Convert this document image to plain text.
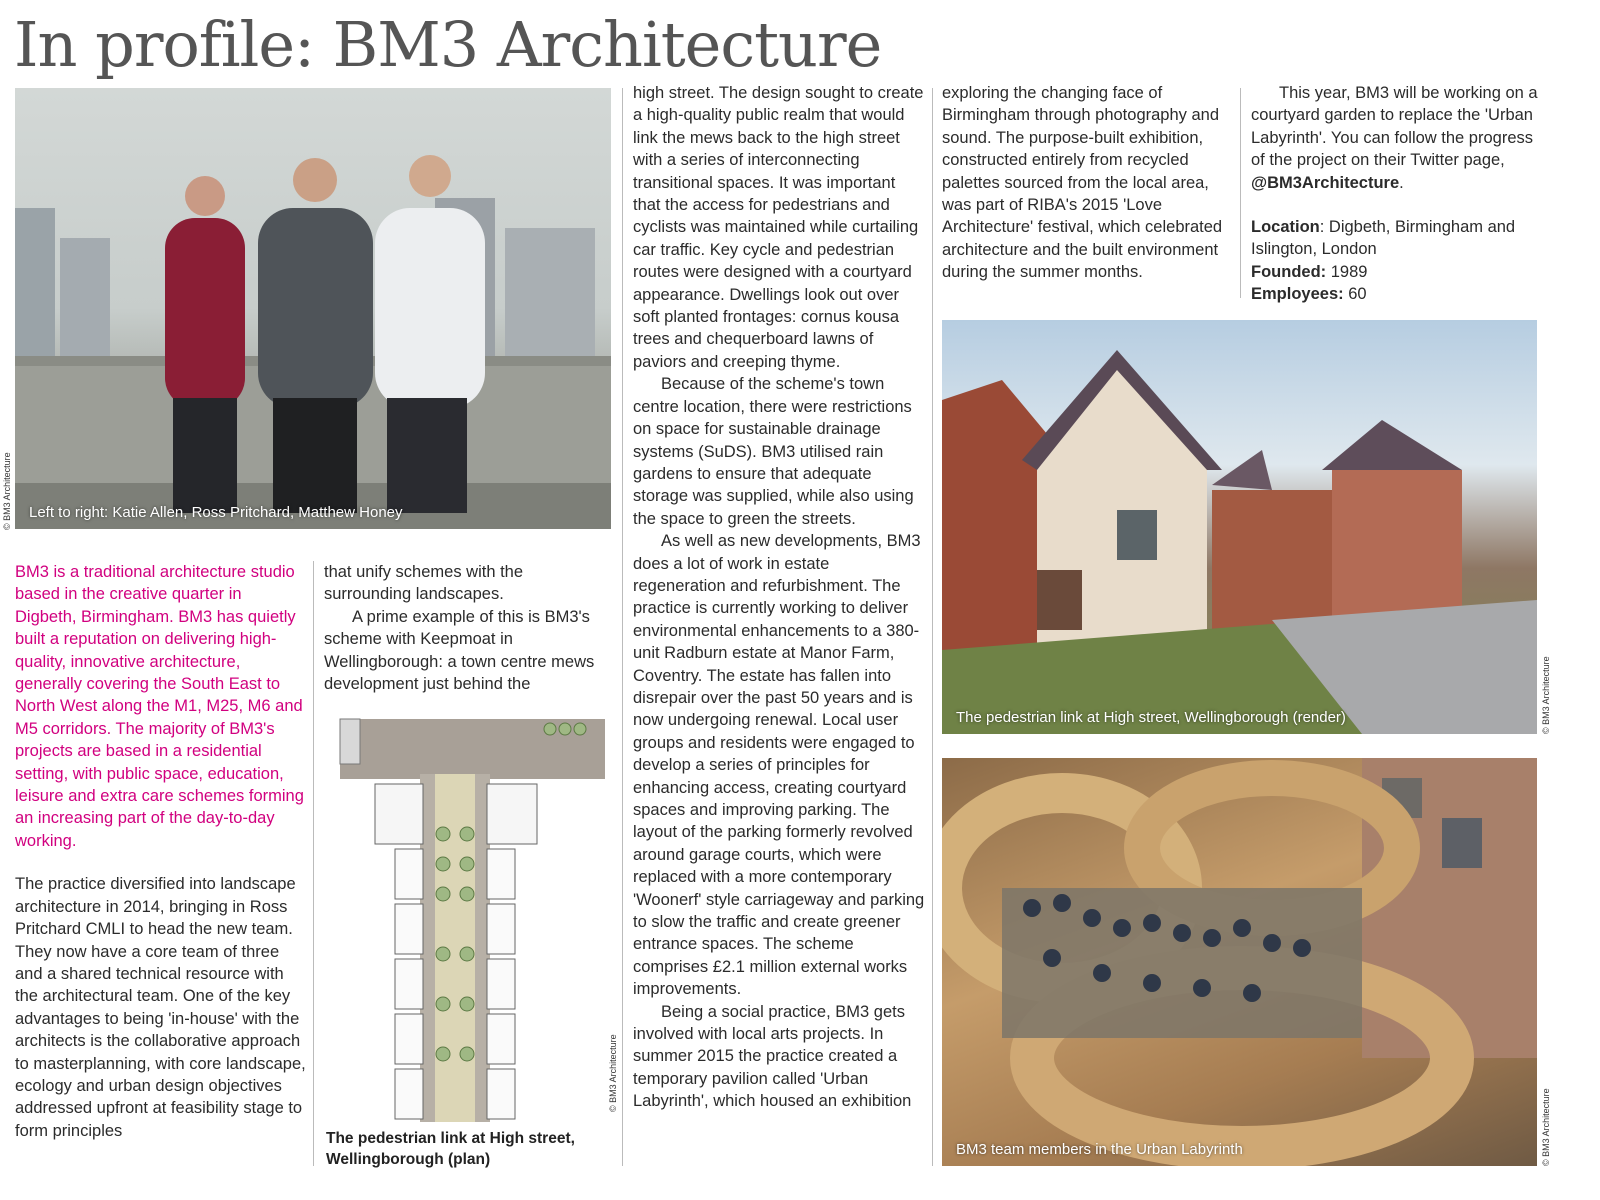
In profile: BM3 Architecture
Left to right: Katie Allen, Ross Pritchard, Matthew Honey
© BM3 Architecture

BM3 is a traditional architecture studio based in the creative quarter in Digbeth, Birmingham. BM3 has quietly built a reputation on delivering high-quality, innovative architecture, generally covering the South East to North West along the M1, M25, M6 and M5 corridors. The majority of BM3's projects are based in a residential setting, with public space, education, leisure and extra care schemes forming an increasing part of the day-to-day working.

The practice diversified into landscape architecture in 2014, bringing in Ross Pritchard CMLI to head the new team. They now have a core team of three and a shared technical resource with the architectural team. One of the key advantages to being 'in-house' with the architects is the collaborative approach to masterplanning, with core landscape, ecology and urban design objectives addressed upfront at feasibility stage to form principles

that unify schemes with the surrounding landscapes.

A prime example of this is BM3's scheme with Keepmoat in Wellingborough: a town centre mews development just behind the

© BM3 Architecture
The pedestrian link at High street, Wellingborough (plan)

high street. The design sought to create a high-quality public realm that would link the mews back to the high street with a series of interconnecting transitional spaces. It was important that the access for pedestrians and cyclists was maintained while curtailing car traffic. Key cycle and pedestrian routes were designed with a courtyard appearance. Dwellings look out over soft planted frontages: cornus kousa trees and chequerboard lawns of paviors and creeping thyme.

Because of the scheme's town centre location, there were restrictions on space for sustainable drainage systems (SuDS). BM3 utilised rain gardens to ensure that adequate storage was supplied, while also using the space to green the streets.

As well as new developments, BM3 does a lot of work in estate regeneration and refurbishment. The practice is currently working to deliver environmental enhancements to a 380-unit Radburn estate at Manor Farm, Coventry. The estate has fallen into disrepair over the past 50 years and is now undergoing renewal. Local user groups and residents were engaged to develop a series of principles for enhancing access, creating courtyard spaces and improving parking. The layout of the parking formerly revolved around garage courts, which were replaced with a more contemporary 'Woonerf' style carriageway and parking to slow the traffic and create greener entrance spaces. The scheme comprises £2.1 million external works improvements.

Being a social practice, BM3 gets involved with local arts projects. In summer 2015 the practice created a temporary pavilion called 'Urban Labyrinth', which housed an exhibition

exploring the changing face of Birmingham through photography and sound. The purpose-built exhibition, constructed entirely from recycled palettes sourced from the local area, was part of RIBA's 2015 'Love Architecture' festival, which celebrated architecture and the built environment during the summer months.

This year, BM3 will be working on a courtyard garden to replace the 'Urban Labyrinth'. You can follow the progress of the project on their Twitter page, @BM3Architecture.

Location: Digbeth, Birmingham and Islington, London

Founded: 1989

Employees: 60

The pedestrian link at High street, Wellingborough (render)	© BM3 Architecture
BM3 team members in the Urban Labyrinth	© BM3 Architecture
